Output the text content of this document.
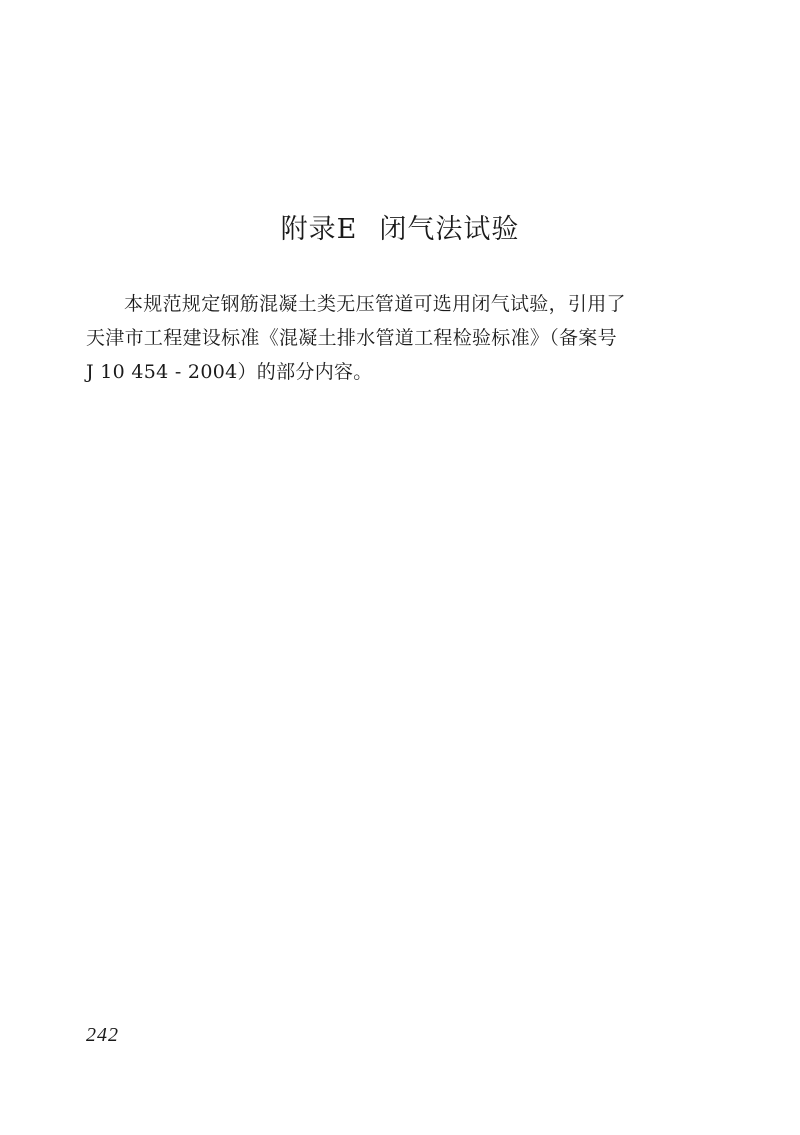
附录E 闭气法试验
本规范规定钢筋混凝土类无压管道可选用闭气试验，引用了
天津市工程建设标准《混凝土排水管道工程检验标准》（备案号
J 10 454 - 2004）的部分内容。
242
